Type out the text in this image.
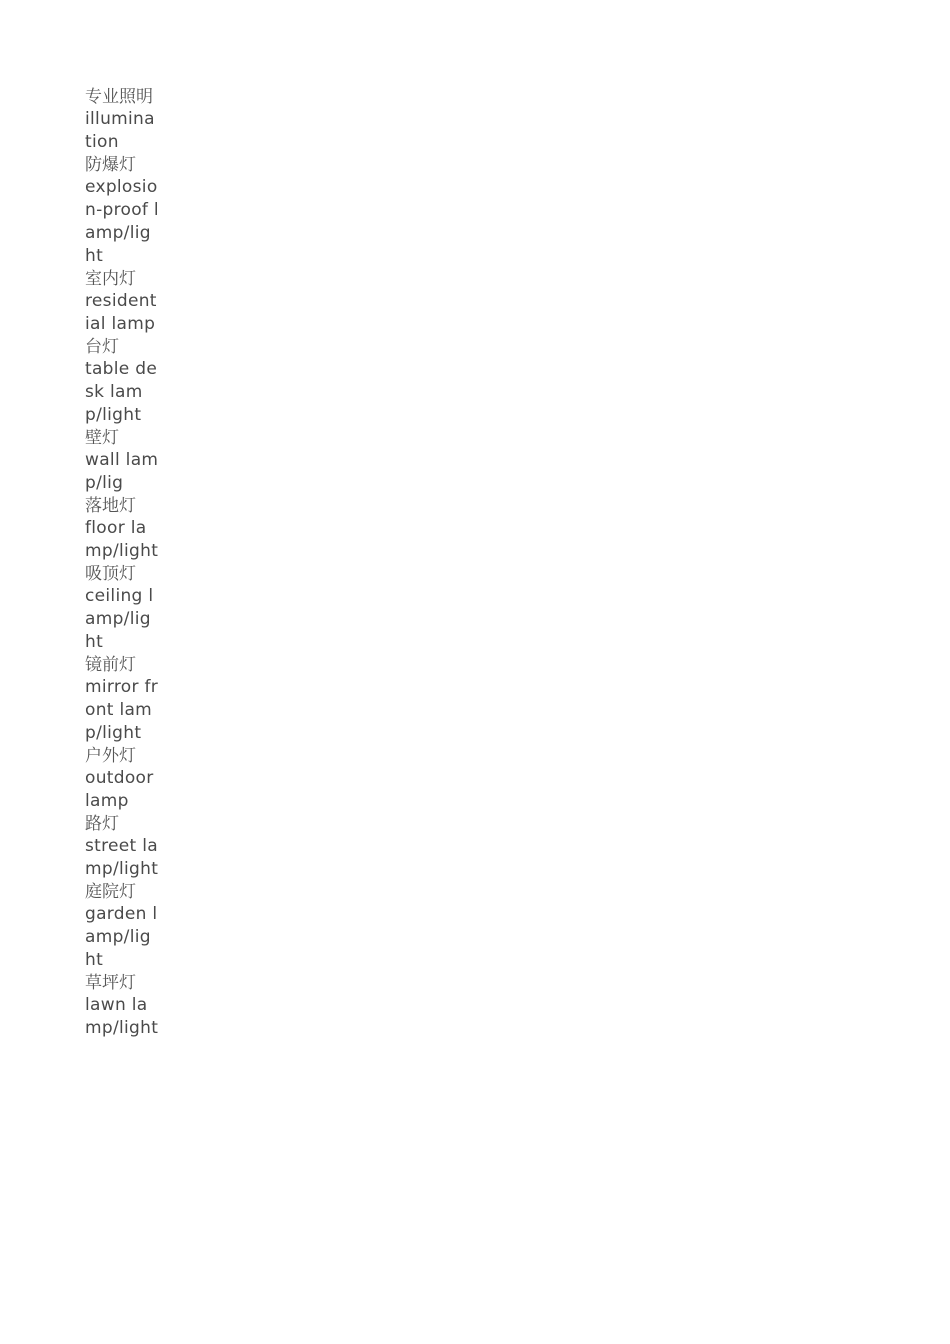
专业照明
illumination
防爆灯
explosion-proof lamp/light
室内灯
residential lamp
台灯
table desk lamp/light
壁灯
wall lamp/lig
落地灯
floor lamp/light
吸顶灯
ceiling lamp/light
镜前灯
mirror front lamp/light
户外灯
outdoor lamp
路灯
street lamp/light
庭院灯
garden lamp/light
草坪灯
lawn lamp/light
